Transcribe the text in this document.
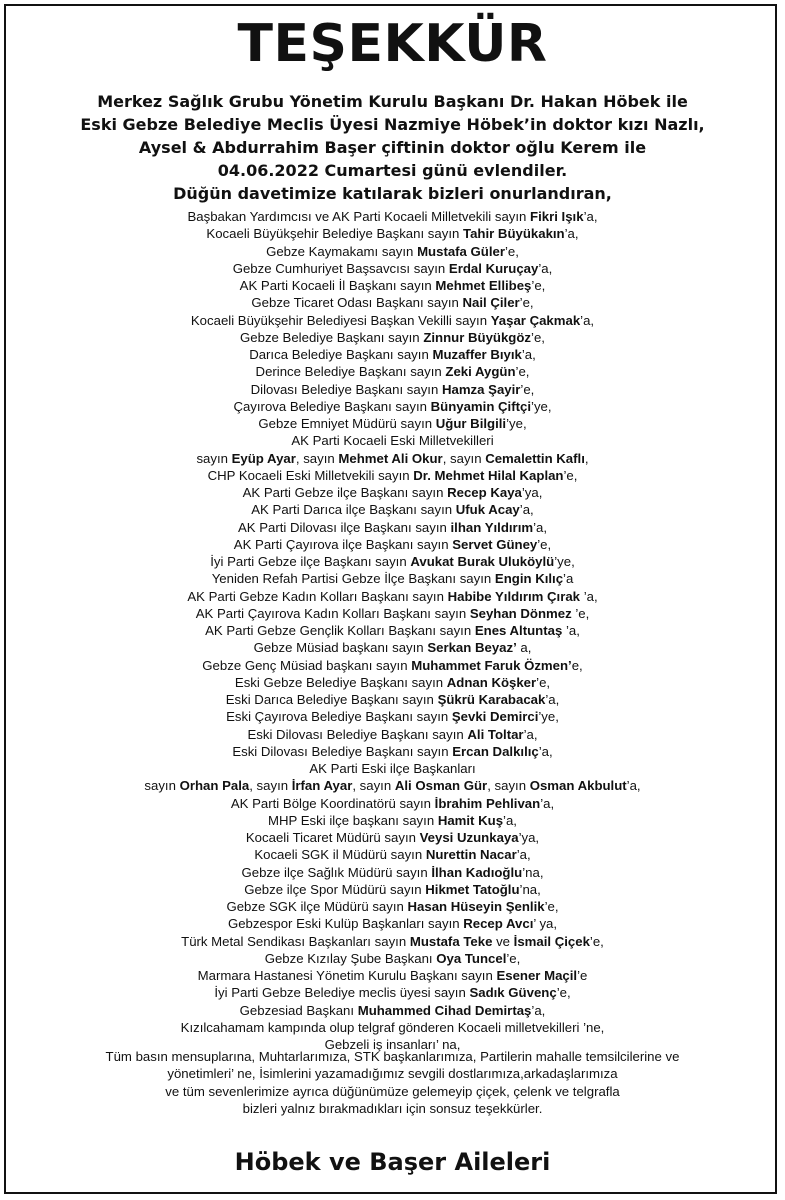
TEŞEKKÜR
Merkez Sağlık Grubu Yönetim Kurulu Başkanı Dr. Hakan Höbek ile
Eski Gebze Belediye Meclis Üyesi Nazmiye Höbek’in doktor kızı Nazlı,
Aysel & Abdurrahim Başer çiftinin doktor oğlu Kerem ile
04.06.2022 Cumartesi günü evlendiler.
Düğün davetimize katılarak bizleri onurlandıran,
Başbakan Yardımcısı ve AK Parti Kocaeli Milletvekili sayın Fikri Işık’a,
Kocaeli Büyükşehir Belediye Başkanı sayın Tahir Büyükakın’a,
Gebze Kaymakamı sayın Mustafa Güler’e,
Gebze Cumhuriyet Başsavcısı sayın Erdal Kuruçay’a,
AK Parti Kocaeli İl Başkanı sayın Mehmet Ellibeş’e,
Gebze Ticaret Odası Başkanı sayın Nail Çiler’e,
Kocaeli Büyükşehir Belediyesi Başkan Vekilli sayın Yaşar Çakmak’a,
Gebze Belediye Başkanı sayın Zinnur Büyükgöz’e,
Darıca Belediye Başkanı sayın Muzaffer Bıyık’a,
Derince Belediye Başkanı sayın Zeki Aygün’e,
Dilovası Belediye Başkanı sayın Hamza Şayir’e,
Çayırova Belediye Başkanı sayın Bünyamin Çiftçi’ye,
Gebze Emniyet Müdürü sayın Uğur Bilgili’ye,
AK Parti Kocaeli Eski Milletvekilleri
sayın Eyüp Ayar, sayın Mehmet Ali Okur, sayın Cemalettin Kaflı,
CHP Kocaeli Eski Milletvekili sayın Dr. Mehmet Hilal Kaplan’e,
AK Parti Gebze ilçe Başkanı sayın Recep Kaya’ya,
AK Parti Darıca ilçe Başkanı sayın Ufuk Acay’a,
AK Parti Dilovası ilçe Başkanı sayın ilhan Yıldırım’a,
AK Parti Çayırova ilçe Başkanı sayın Servet Güney’e,
İyi Parti Gebze ilçe Başkanı sayın Avukat Burak Uluköylü’ye,
Yeniden Refah Partisi Gebze İlçe Başkanı sayın Engin Kılıç’a
AK Parti Gebze Kadın Kolları Başkanı sayın Habibe Yıldırım Çırak ’a,
AK Parti Çayırova Kadın Kolları Başkanı sayın Seyhan Dönmez ’e,
AK Parti Gebze Gençlik Kolları Başkanı sayın Enes Altuntaş ’a,
Gebze Müsiad başkanı sayın Serkan Beyaz’ a,
Gebze Genç Müsiad başkanı sayın Muhammet Faruk Özmen’e,
Eski Gebze Belediye Başkanı sayın Adnan Köşker’e,
Eski Darıca Belediye Başkanı sayın Şükrü Karabacak’a,
Eski Çayırova Belediye Başkanı sayın Şevki Demirci’ye,
Eski Dilovası Belediye Başkanı sayın Ali Toltar’a,
Eski Dilovası Belediye Başkanı sayın Ercan Dalkılıç’a,
AK Parti Eski ilçe Başkanları
sayın Orhan Pala, sayın İrfan Ayar, sayın Ali Osman Gür, sayın Osman Akbulut’a,
AK Parti Bölge Koordinatörü sayın İbrahim Pehlivan’a,
MHP Eski ilçe başkanı sayın Hamit Kuş’a,
Kocaeli Ticaret Müdürü sayın Veysi Uzunkaya’ya,
Kocaeli SGK il Müdürü sayın Nurettin Nacar’a,
Gebze ilçe Sağlık Müdürü sayın İlhan Kadıoğlu’na,
Gebze ilçe Spor Müdürü sayın Hikmet Tatoğlu’na,
Gebze SGK ilçe Müdürü sayın Hasan Hüseyin Şenlik’e,
Gebzespor Eski Kulüp Başkanları sayın Recep Avcı’ ya,
Türk Metal Sendikası Başkanları sayın Mustafa Teke ve İsmail Çiçek’e,
Gebze Kızılay Şube Başkanı Oya Tuncel’e,
Marmara Hastanesi Yönetim Kurulu Başkanı sayın Esener Maçil’e
İyi Parti Gebze Belediye meclis üyesi sayın Sadık Güvenç’e,
Gebzesiad Başkanı Muhammed Cihad Demirtaş’a,
Kızılcahamam kampında olup telgraf gönderen Kocaeli milletvekilleri ’ne,
Gebzeli iş insanları’ na,
Tüm basın mensuplarına, Muhtarlarımıza, STK başkanlarımıza, Partilerin mahalle temsilcilerine ve
yönetimleri’ ne, İsimlerini yazamadığımız sevgili dostlarımıza,arkadaşlarımıza
ve tüm sevenlerimize ayrıca düğünümüze gelemeyip çiçek, çelenk ve telgrafla
bizleri yalnız bırakmadıkları için sonsuz teşekkürler.
Höbek ve Başer Aileleri
